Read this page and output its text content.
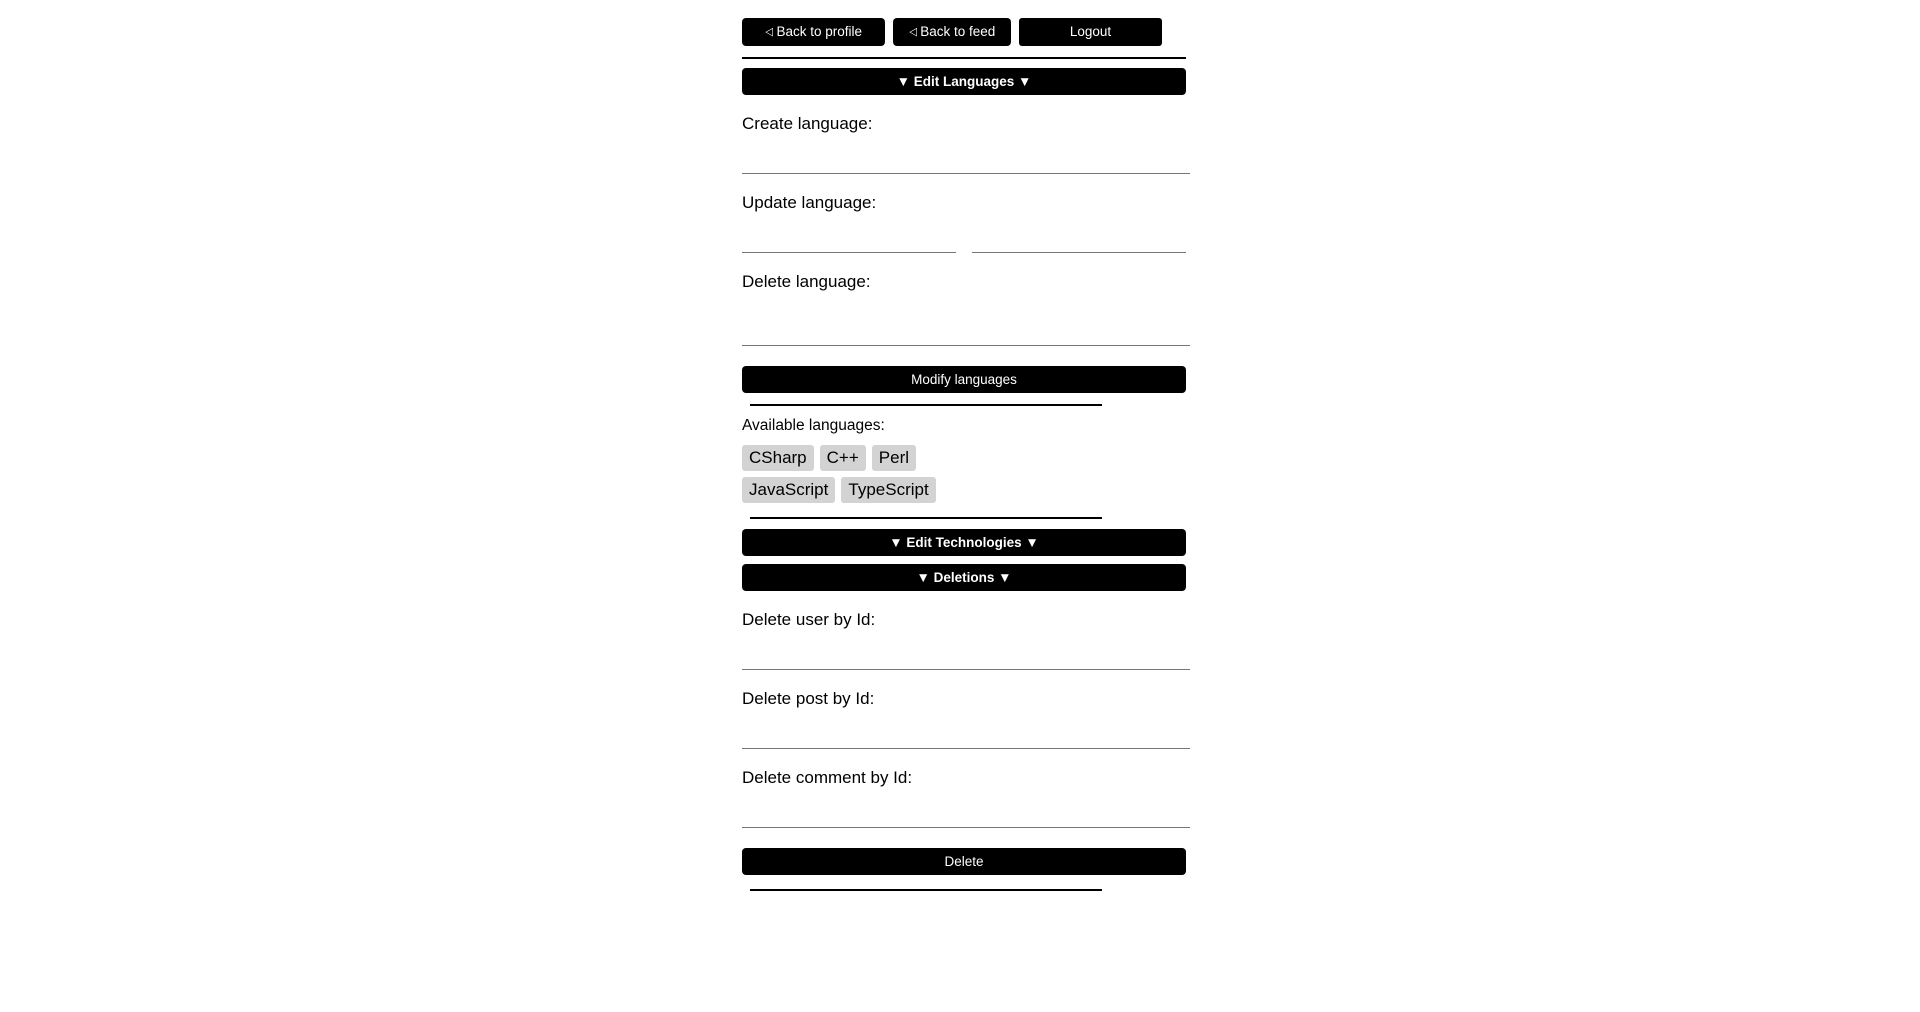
◁ Back to profile	◁ Back to feed	Logout
▼ Edit Languages ▼
Create language:
Update language:
Delete language:
Modify languages
Available languages:
CSharp	C++	Perl
JavaScript	TypeScript
▼ Edit Technologies ▼
▼ Deletions ▼
Delete user by Id:
Delete post by Id:
Delete comment by Id:
Delete
